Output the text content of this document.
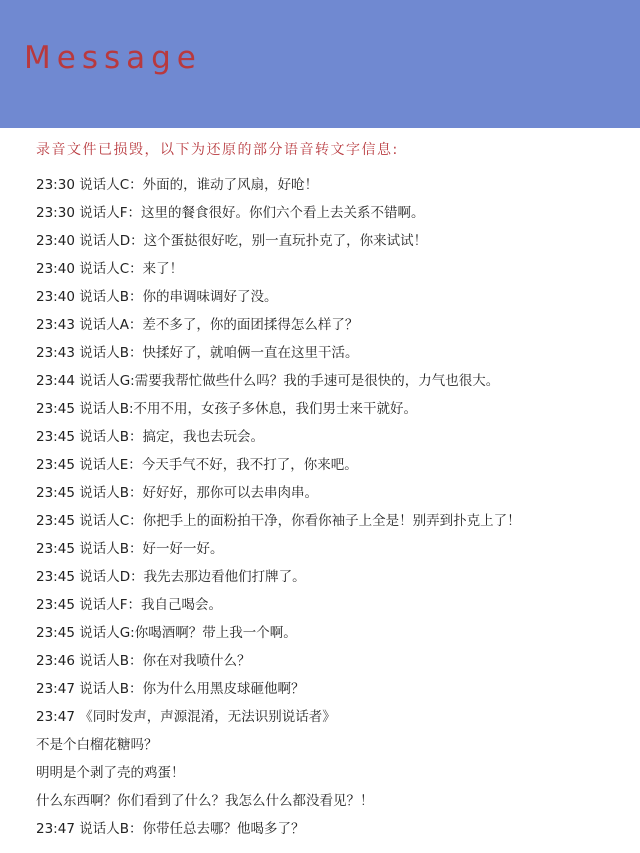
Message
录音文件已损毁，以下为还原的部分语音转文字信息:
23:30 说话人C：外面的，谁动了风扇，好呛！
23:30 说话人F：这里的餐食很好。你们六个看上去关系不错啊。
23:40 说话人D：这个蛋挞很好吃，别一直玩扑克了，你来试试！
23:40 说话人C：来了！
23:40 说话人B：你的串调味调好了没。
23:43 说话人A：差不多了，你的面团揉得怎么样了？
23:43 说话人B：快揉好了，就咱俩一直在这里干活。
23:44 说话人G:需要我帮忙做些什么吗？我的手速可是很快的，力气也很大。
23:45 说话人B:不用不用，女孩子多休息，我们男士来干就好。
23:45 说话人B：搞定，我也去玩会。
23:45 说话人E：今天手气不好，我不打了，你来吧。
23:45 说话人B：好好好，那你可以去串肉串。
23:45 说话人C：你把手上的面粉拍干净，你看你袖子上全是！别弄到扑克上了！
23:45 说话人B：好一好一好。
23:45 说话人D：我先去那边看他们打牌了。
23:45 说话人F：我自己喝会。
23:45 说话人G:你喝酒啊？带上我一个啊。
23:46 说话人B：你在对我喷什么？
23:47 说话人B：你为什么用黑皮球砸他啊？
23:47 《同时发声，声源混淆，无法识别说话者》
不是个白榴花糖吗？
明明是个剥了壳的鸡蛋！
什么东西啊？你们看到了什么？我怎么什么都没看见？！
23:47 说话人B：你带任总去哪？他喝多了？
